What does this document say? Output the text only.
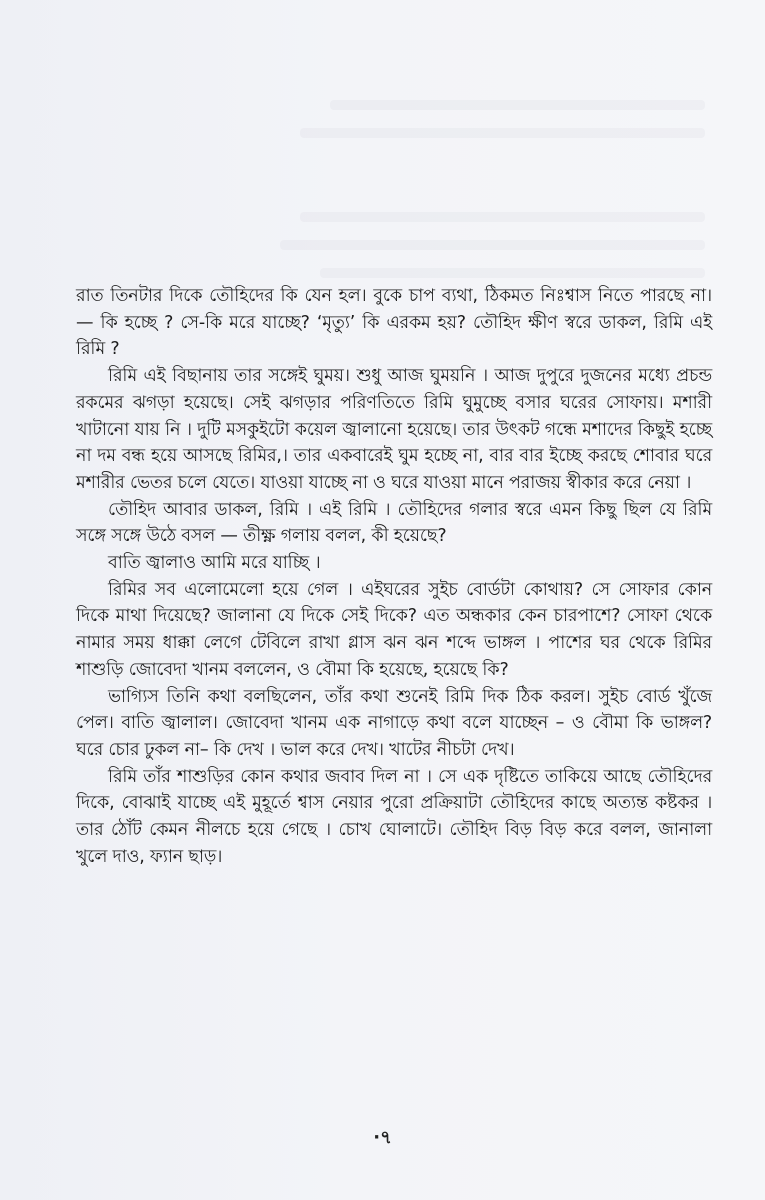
রাত তিনটার দিকে তৌহিদের কি যেন হল। বুকে চাপ ব্যথা, ঠিকমত নিঃশ্বাস নিতে পারছে না। — কি হচ্ছে ? সে-কি মরে যাচ্ছে? ‘মৃত্যু’ কি এরকম হয়? তৌহিদ ক্ষীণ স্বরে ডাকল, রিমি এই রিমি ?

রিমি এই বিছানায় তার সঙ্গেই ঘুময়। শুধু আজ ঘুময়নি । আজ দুপুরে দুজনের মধ্যে প্রচন্ড রকমের ঝগড়া হয়েছে। সেই ঝগড়ার পরিণতিতে রিমি ঘুমুচ্ছে বসার ঘরের সোফায়। মশারী খাটানো যায় নি । দুটি মসকুইটো কয়েল জ্বালানো হয়েছে। তার উৎকট গন্ধে মশাদের কিছুই হচ্ছে না দম বন্ধ হয়ে আসছে রিমির,। তার একবারেই ঘুম হচ্ছে না, বার বার ইচ্ছে করছে শোবার ঘরে মশারীর ভেতর চলে যেতে। যাওয়া যাচ্ছে না ও ঘরে যাওয়া মানে পরাজয় স্বীকার করে নেয়া ।

তৌহিদ আবার ডাকল, রিমি । এই রিমি । তৌহিদের গলার স্বরে এমন কিছু ছিল যে রিমি সঙ্গে সঙ্গে উঠে বসল — তীক্ষ্ণ গলায় বলল, কী হয়েছে?

বাতি জ্বালাও আমি মরে যাচ্ছি ।

রিমির সব এলোমেলো হয়ে গেল । এইঘরের সুইচ বোর্ডটা কোথায়? সে সোফার কোন দিকে মাথা দিয়েছে? জালানা যে দিকে সেই দিকে? এত অন্ধকার কেন চারপাশে? সোফা থেকে নামার সময় ধাক্কা লেগে টেবিলে রাখা গ্লাস ঝন ঝন শব্দে ভাঙ্গল । পাশের ঘর থেকে রিমির শাশুড়ি জোবেদা খানম বললেন, ও বৌমা কি হয়েছে, হয়েছে কি?

ভাগ্যিস তিনি কথা বলছিলেন, তাঁর কথা শুনেই রিমি দিক ঠিক করল। সুইচ বোর্ড খুঁজে পেল। বাতি জ্বালাল। জোবেদা খানম এক নাগাড়ে কথা বলে যাচ্ছেন – ও বৌমা কি ভাঙ্গল? ঘরে চোর ঢুকল না– কি দেখ । ভাল করে দেখ। খাটের নীচটা দেখ।

রিমি তাঁর শাশুড়ির কোন কথার জবাব দিল না । সে এক দৃষ্টিতে তাকিয়ে আছে তৌহিদের দিকে, বোঝাই যাচ্ছে এই মুহূর্তে শ্বাস নেয়ার পুরো প্রক্রিয়াটা তৌহিদের কাছে অত্যন্ত কষ্টকর । তার ঠোঁট কেমন নীলচে হয়ে গেছে । চোখ ঘোলাটে। তৌহিদ বিড় বিড় করে বলল, জানালা খুলে দাও, ফ্যান ছাড়।

·৭
